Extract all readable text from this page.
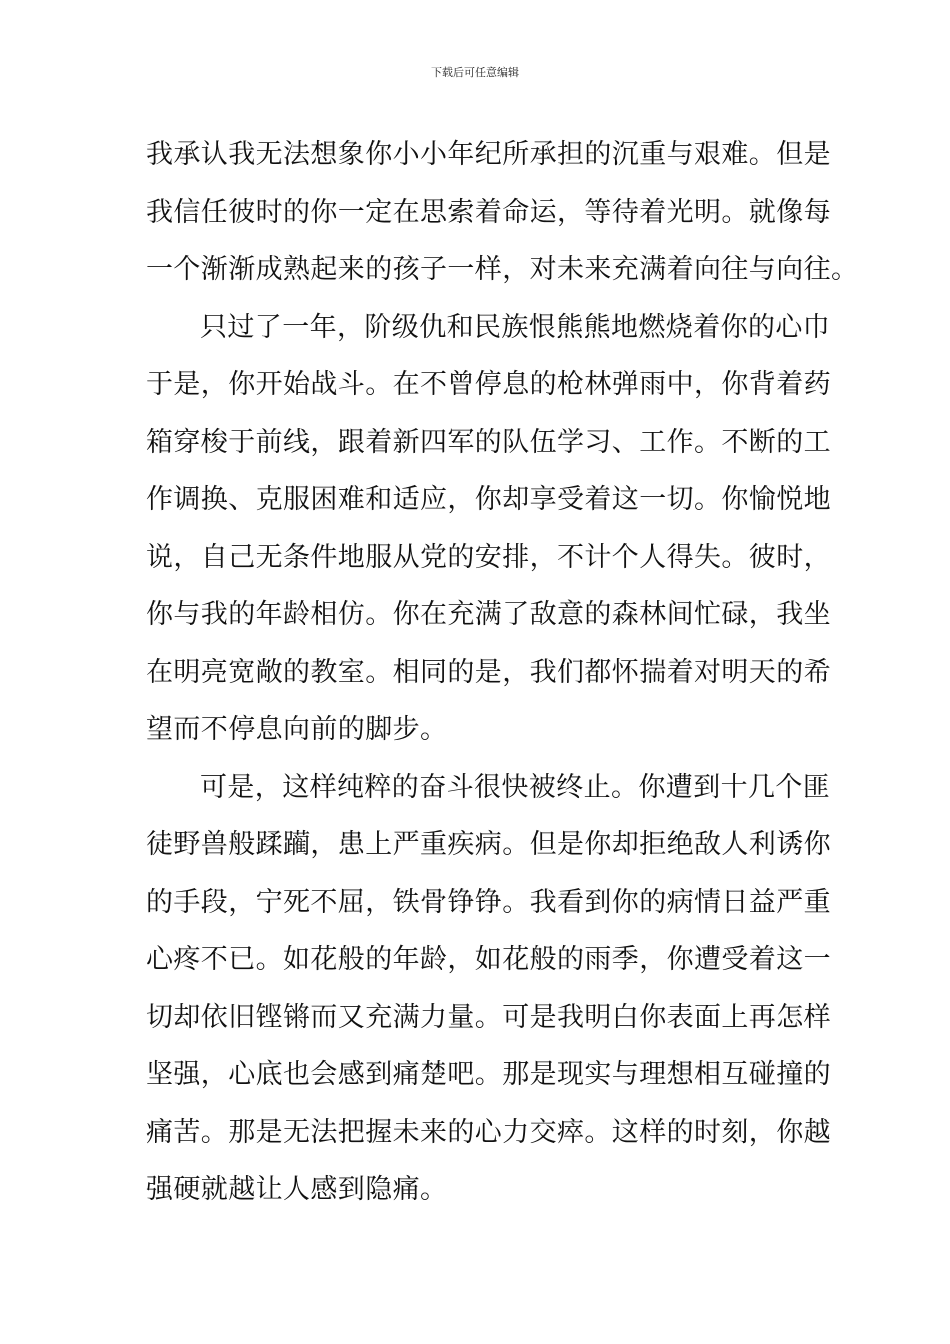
下载后可任意编辑
我承认我无法想象你小小年纪所承担的沉重与艰难。但是
我信任彼时的你一定在思索着命运，等待着光明。就像每
一个渐渐成熟起来的孩子一样，对未来充满着向往与向往。
只过了一年，阶级仇和民族恨熊熊地燃烧着你的心巾
于是，你开始战斗。在不曾停息的枪林弹雨中，你背着药
箱穿梭于前线，跟着新四军的队伍学习、工作。不断的工
作调换、克服困难和适应，你却享受着这一切。你愉悦地
说，自己无条件地服从党的安排，不计个人得失。彼时，
你与我的年龄相仿。你在充满了敌意的森林间忙碌，我坐
在明亮宽敞的教室。相同的是，我们都怀揣着对明天的希
望而不停息向前的脚步。
可是，这样纯粹的奋斗很快被终止。你遭到十几个匪
徒野兽般蹂躏，患上严重疾病。但是你却拒绝敌人利诱你
的手段，宁死不屈，铁骨铮铮。我看到你的病情日益严重
心疼不已。如花般的年龄，如花般的雨季，你遭受着这一
切却依旧铿锵而又充满力量。可是我明白你表面上再怎样
坚强，心底也会感到痛楚吧。那是现实与理想相互碰撞的
痛苦。那是无法把握未来的心力交瘁。这样的时刻，你越
强硬就越让人感到隐痛。
